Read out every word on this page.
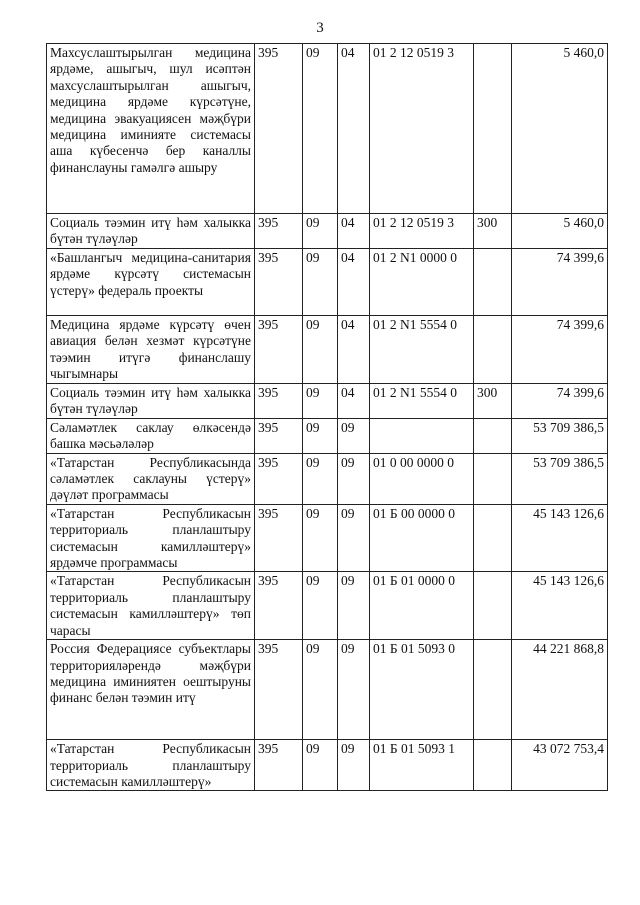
3
Махсуслаштырылган медицина ярдәме, ашыгыч, шул исәптән махсуслаштырылган ашыгыч, медицина ярдәме күрсәтүне, медицина эвакуациясен мәҗбүри медицина иминияте системасы аша күбесенчә бер каналлы финанслауны гамәлгә ашыру	395	09	04	01 2 12 0519 3		5 460,0
Социаль тәэмин итү һәм халыкка бүтән түләүләр	395	09	04	01 2 12 0519 3	300	5 460,0
«Башлангыч медицина-санитария ярдәме күрсәтү системасын үстерү» федераль проекты	395	09	04	01 2 N1 0000 0		74 399,6
Медицина ярдәме күрсәтү өчен авиация белән хезмәт күрсәтүне тәэмин итүгә финанслашу чыгымнары	395	09	04	01 2 N1 5554 0		74 399,6
Социаль тәэмин итү һәм халыкка бүтән түләүләр	395	09	04	01 2 N1 5554 0	300	74 399,6
Сәламәтлек саклау өлкәсендә башка мәсьәләләр	395	09	09			53 709 386,5
«Татарстан Республикасында сәламәтлек саклауны үстерү» дәүләт программасы	395	09	09	01 0 00 0000 0		53 709 386,5
«Татарстан Республикасын территориаль планлаштыру системасын камилләштерү» ярдәмче программасы	395	09	09	01 Б 00 0000 0		45 143 126,6
«Татарстан Республикасын территориаль планлаштыру системасын камилләштерү» төп чарасы	395	09	09	01 Б 01 0000 0		45 143 126,6
Россия Федерациясе субъектлары территорияләрендә мәҗбүри медицина иминиятен оештыруны финанс белән тәэмин итү	395	09	09	01 Б 01 5093 0		44 221 868,8
«Татарстан Республикасын территориаль планлаштыру системасын камилләштерү»	395	09	09	01 Б 01 5093 1		43 072 753,4
